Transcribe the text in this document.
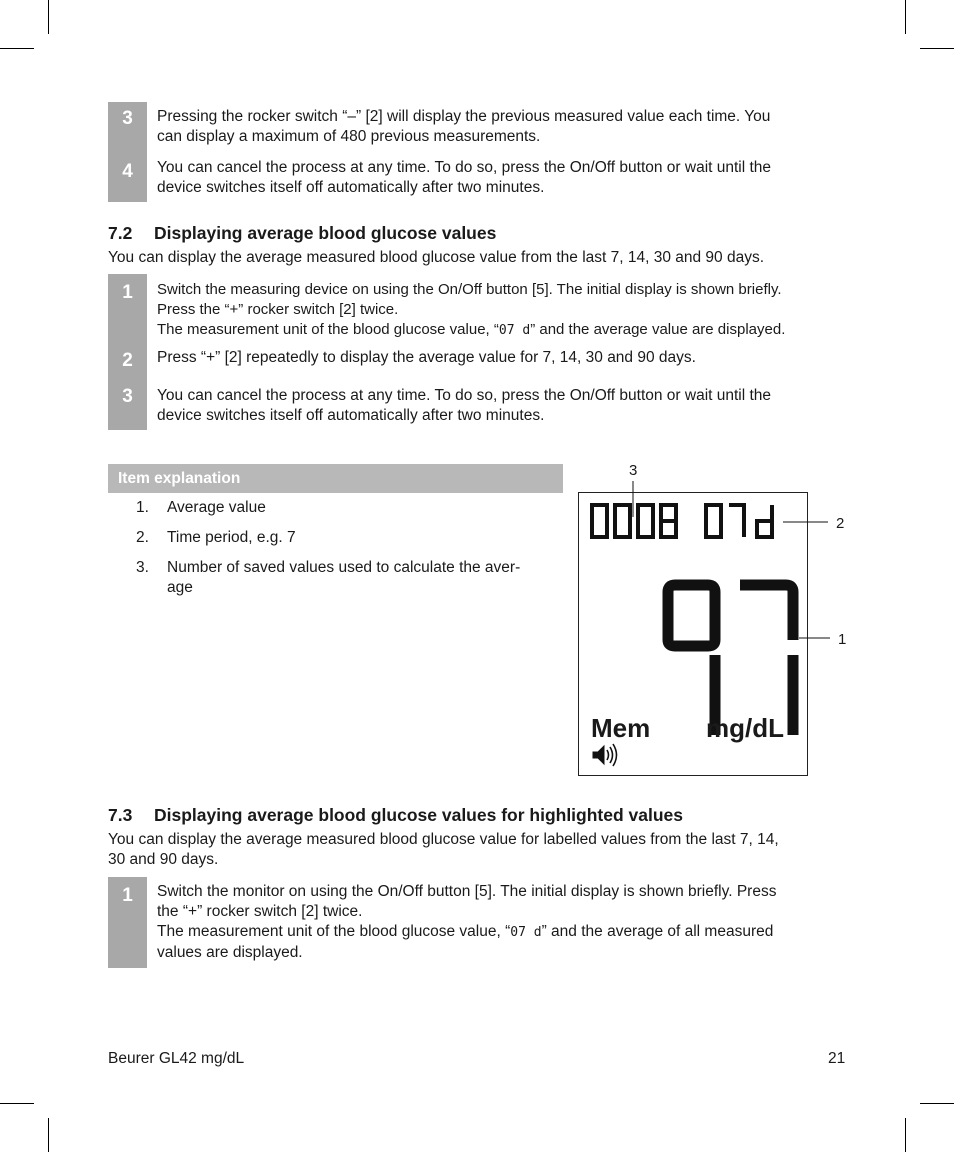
3	Pressing the rocker switch “–” [2] will display the previous measured value each time. You
can display a maximum of 480 previous measurements.
4	You can cancel the process at any time. To do so, press the On/Off button or wait until the
device switches itself off automatically after two minutes.
7.2 Displaying average blood glucose values
You can display the average measured blood glucose value from the last 7, 14, 30 and 90 days.
1	Switch the measuring device on using the On/Off button [5]. The initial display is shown briefly.
Press the “+” rocker switch [2] twice.
The measurement unit of the blood glucose value, “07 d” and the average value are displayed.
2	Press “+” [2] repeatedly to display the average value for 7, 14, 30 and 90 days.
3	You can cancel the process at any time. To do so, press the On/Off button or wait until the
device switches itself off automatically after two minutes.
Item explanation
1.	Average value
2.	Time period, e.g. 7
3.	Number of saved values used to calculate the aver-
age
Mem mg/dL
3
2
1
7.3 Displaying average blood glucose values for highlighted values
You can display the average measured blood glucose value for labelled values from the last 7, 14,
30 and 90 days.
1	Switch the monitor on using the On/Off button [5]. The initial display is shown briefly. Press
the “+” rocker switch [2] twice.
The measurement unit of the blood glucose value, “07 d” and the average of all measured
values are displayed.
Beurer GL42 mg/dL	21
